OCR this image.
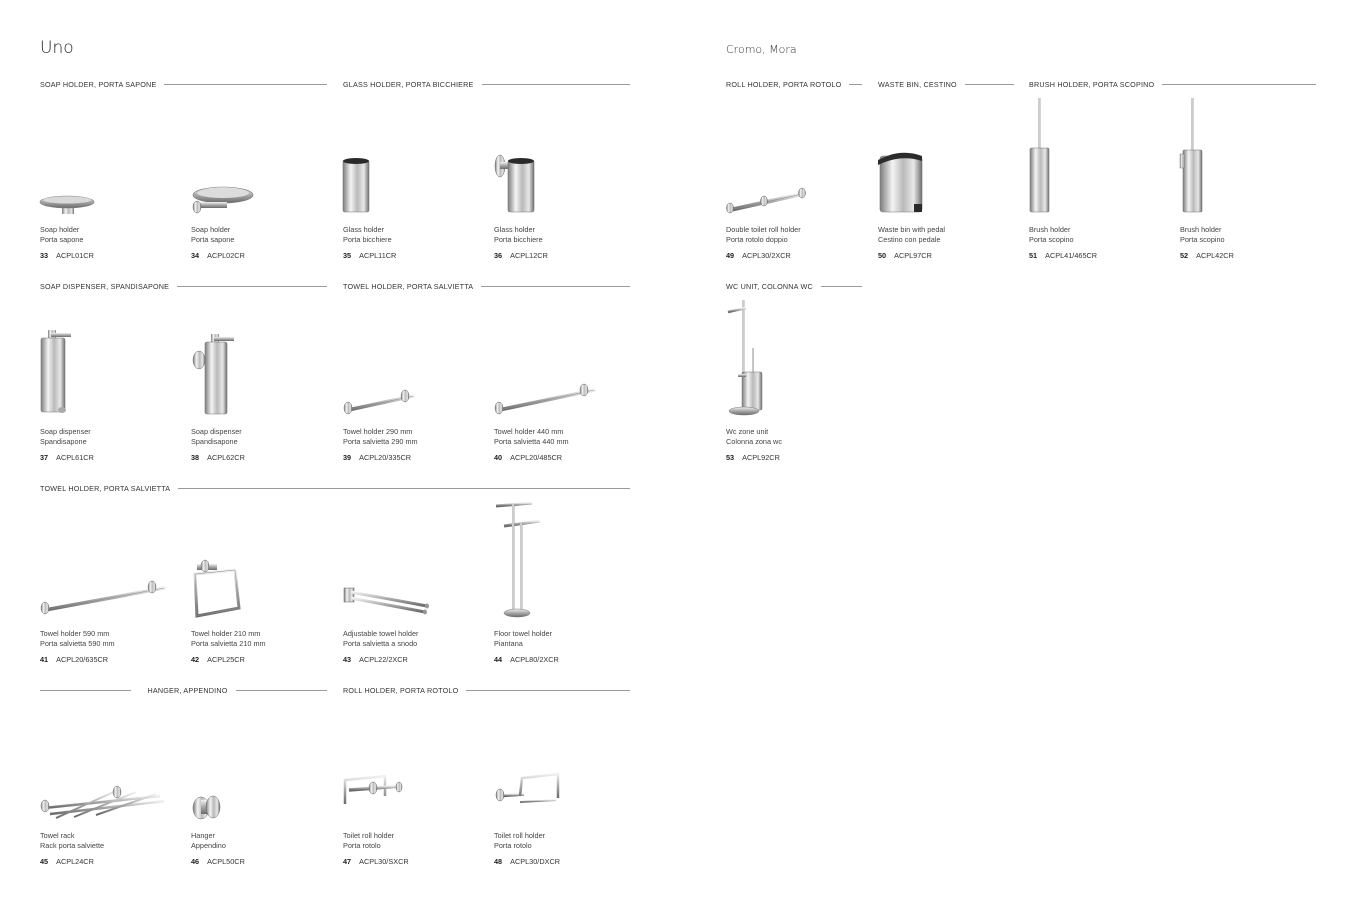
Uno	Cromo, Mora
SOAP HOLDER, PORTA SAPONE	GLASS HOLDER, PORTA BICCHIERE	ROLL HOLDER, PORTA ROTOLO	WASTE BIN, CESTINO	BRUSH HOLDER, PORTA SCOPINO
SOAP DISPENSER, SPANDISAPONE	TOWEL HOLDER, PORTA SALVIETTA	WC UNIT, COLONNA WC
TOWEL HOLDER, PORTA SALVIETTA
HANGER, APPENDINO	ROLL HOLDER, PORTA ROTOLO
Soap holder
Porta sapone
33 ACPL01CR
Soap holder
Porta sapone
34 ACPL02CR
Glass holder
Porta bicchiere
35 ACPL11CR
Glass holder
Porta bicchiere
36 ACPL12CR
Double toilet roll holder
Porta rotolo doppio
49 ACPL30/2XCR
Waste bin with pedal
Cestino con pedale
50 ACPL97CR
Brush holder
Porta scopino
51 ACPL41/465CR
Brush holder
Porta scopino
52 ACPL42CR
Soap dispenser
Spandisapone
37 ACPL61CR
Soap dispenser
Spandisapone
38 ACPL62CR
Towel holder 290 mm
Porta salvietta 290 mm
39 ACPL20/335CR
Towel holder 440 mm
Porta salvietta 440 mm
40 ACPL20/485CR
Wc zone unit
Colonna zona wc
53 ACPL92CR
Towel holder 590 mm
Porta salvietta 590 mm
41 ACPL20/635CR
Towel holder 210 mm
Porta salvietta 210 mm
42 ACPL25CR
Adjustable towel holder
Porta salvietta a snodo
43 ACPL22/2XCR
Floor towel holder
Piantana
44 ACPL80/2XCR
Towel rack
Rack porta salviette
45 ACPL24CR
Hanger
Appendino
46 ACPL50CR
Toilet roll holder
Porta rotolo
47 ACPL30/SXCR
Toilet roll holder
Porta rotolo
48 ACPL30/DXCR
